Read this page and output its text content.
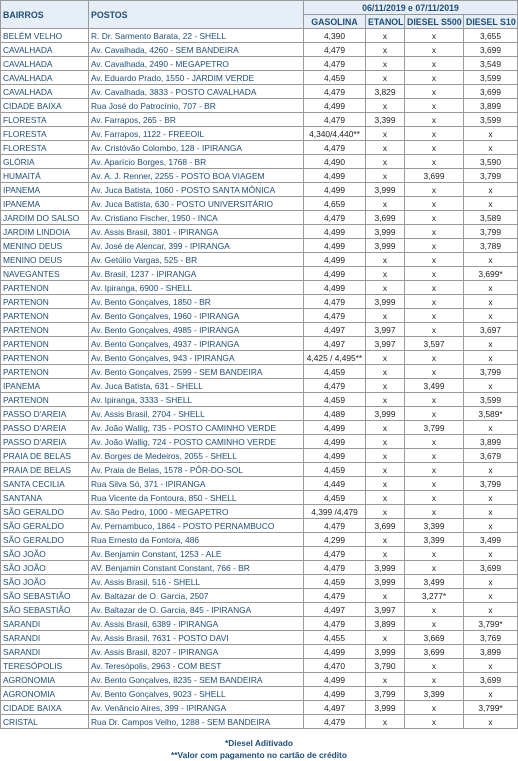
BAIRROS	POSTOS	06/11/2019 e 07/11/2019			
		GASOLINA	ETANOL	DIESEL S500	DIESEL S10
BELÉM VELHO	R. Dr. Sarmento Barata, 22 - SHELL	4,390	x	x	3,655
CAVALHADA	Av. Cavalhada, 4260 - SEM BANDEIRA	4,479	x	x	3,699
CAVALHADA	Av. Cavalhada, 2490 - MEGAPETRO	4,479	x	x	3,549
CAVALHADA	Av. Eduardo Prado, 1550 - JARDIM VERDE	4,459	x	x	3,599
CAVALHADA	Av. Cavalhada, 3833 - POSTO CAVALHADA	4,479	3,829	x	3,699
CIDADE BAIXA	Rua José do Patrocínio, 707 - BR	4,499	x	x	3,899
FLORESTA	Av. Farrapos, 265 - BR	4,479	3,399	x	3,599
FLORESTA	Av. Farrapos, 1122 - FREEOIL	4,340/4,440**	x	x	x
FLORESTA	Av. Cristóvão Colombo, 128 - IPIRANGA	4,479	x	x	x
GLÓRIA	Av. Aparício Borges, 1768 - BR	4,490	x	x	3,590
HUMAITÁ	Av. A. J. Renner, 2255 - POSTO BOA VIAGEM	4,499	x	3,699	3,799
IPANEMA	Av. Juca Batista, 1060 - POSTO SANTA MÔNICA	4,499	3,999	x	x
IPANEMA	Av. Juca Batista, 630 - POSTO UNIVERSITÁRIO	4,659	x	x	x
JARDIM DO SALSO	Av. Cristiano Fischer, 1950 - INCA	4,479	3,699	x	3,589
JARDIM LINDOIA	Av. Assis Brasil, 3801 - IPIRANGA	4,499	3,999	x	3,799
MENINO DEUS	Av. José de Alencar, 399 - IPIRANGA	4,499	3,999	x	3,789
MENINO DEUS	Av. Getúlio Vargas, 525 - BR	4,499	x	x	x
NAVEGANTES	Av. Brasil, 1237 - IPIRANGA	4,499	x	x	3,699*
PARTENON	Av. Ipiranga, 6900 - SHELL	4,499	x	x	x
PARTENON	Av. Bento Gonçalves, 1850 - BR	4,479	3,999	x	x
PARTENON	Av. Bento Gonçalves, 1960 - IPIRANGA	4,479	x	x	x
PARTENON	Av. Bento Gonçalves, 4985 - IPIRANGA	4,497	3,997	x	3,697
PARTENON	Av. Bento Gonçalves, 4937 - IPIRANGA	4,497	3,997	3,597	x
PARTENON	Av. Bento Gonçalves, 943 - IPIRANGA	4,425 / 4,495**	x	x	x
PARTENON	Av. Bento Gonçalves, 2599 - SEM BANDEIRA	4,459	x	x	3,799
IPANEMA	Av. Juca Batista, 631 - SHELL	4,479	x	3,499	x
PARTENON	Av. Ipiranga, 3333 - SHELL	4,459	x	x	3,599
PASSO D'AREIA	Av. Assis Brasil, 2704 - SHELL	4,489	3,999	x	3,589*
PASSO D'AREIA	Av. João Wallig, 735 - POSTO CAMINHO VERDE	4,499	x	3,799	x
PASSO D'AREIA	Av. João Wallig, 724 - POSTO CAMINHO VERDE	4,499	x	x	3,899
PRAIA DE BELAS	Av. Borges de Medeiros, 2055 - SHELL	4,499	x	x	3,679
PRAIA DE BELAS	Av. Praia de Belas, 1578 - PÔR-DO-SOL	4,459	x	x	x
SANTA CECILIA	Rua Silva Só, 371 - IPIRANGA	4,449	x	x	3,799
SANTANA	Rua Vicente da Fontoura, 850 - SHELL	4,459	x	x	x
SÃO GERALDO	Av. São Pedro, 1000 - MEGAPETRO	4,399 /4,479	x	x	x
SÃO GERALDO	Av. Pernambuco, 1864 - POSTO PERNAMBUCO	4,479	3,699	3,399	x
SÃO GERALDO	Rua Ernesto da Fontora, 486	4,299	x	3,399	3,499
SÃO JOÃO	Av. Benjamin Constant, 1253 - ALE	4,479	x	x	x
SÃO JOÃO	AV. Benjamin Constant Constant, 766 - BR	4,479	3,999	x	3,699
SÃO JOÃO	Av. Assis Brasil, 516 - SHELL	4,459	3,999	3,499	x
SÃO SEBASTIÃO	Av. Baltazar de O. Garcia, 2507	4,479	x	3,277*	x
SÃO SEBASTIÃO	Av. Baltazar de O. Garcia, 845 - IPIRANGA	4,497	3,997	x	x
SARANDI	Av. Assis Brasil, 6389 - IPIRANGA	4,479	3,899	x	3,799*
SARANDI	Av. Assis Brasil, 7631 - POSTO DAVI	4,455	x	3,669	3,769
SARANDI	Av. Assis Brasil, 8207 - IPIRANGA	4,499	3,999	3,699	3,899
TERESÓPOLIS	Av. Teresópolis, 2963 - COM BEST	4,470	3,790	x	x
AGRONOMIA	Av. Bento Gonçalves, 8235 - SEM BANDEIRA	4,499	x	x	3,699
AGRONOMIA	Av. Bento Gonçalves, 9023 - SHELL	4,499	3,799	3,399	x
CIDADE BAIXA	Av. Venâncio Aires, 399 - IPIRANGA	4,497	3,999	x	3,799*
CRISTAL	Rua Dr. Campos Velho, 1288 - SEM BANDEIRA	4,479	x	x	x
*Diesel Aditivado
**Valor com pagamento no cartão de crédito
